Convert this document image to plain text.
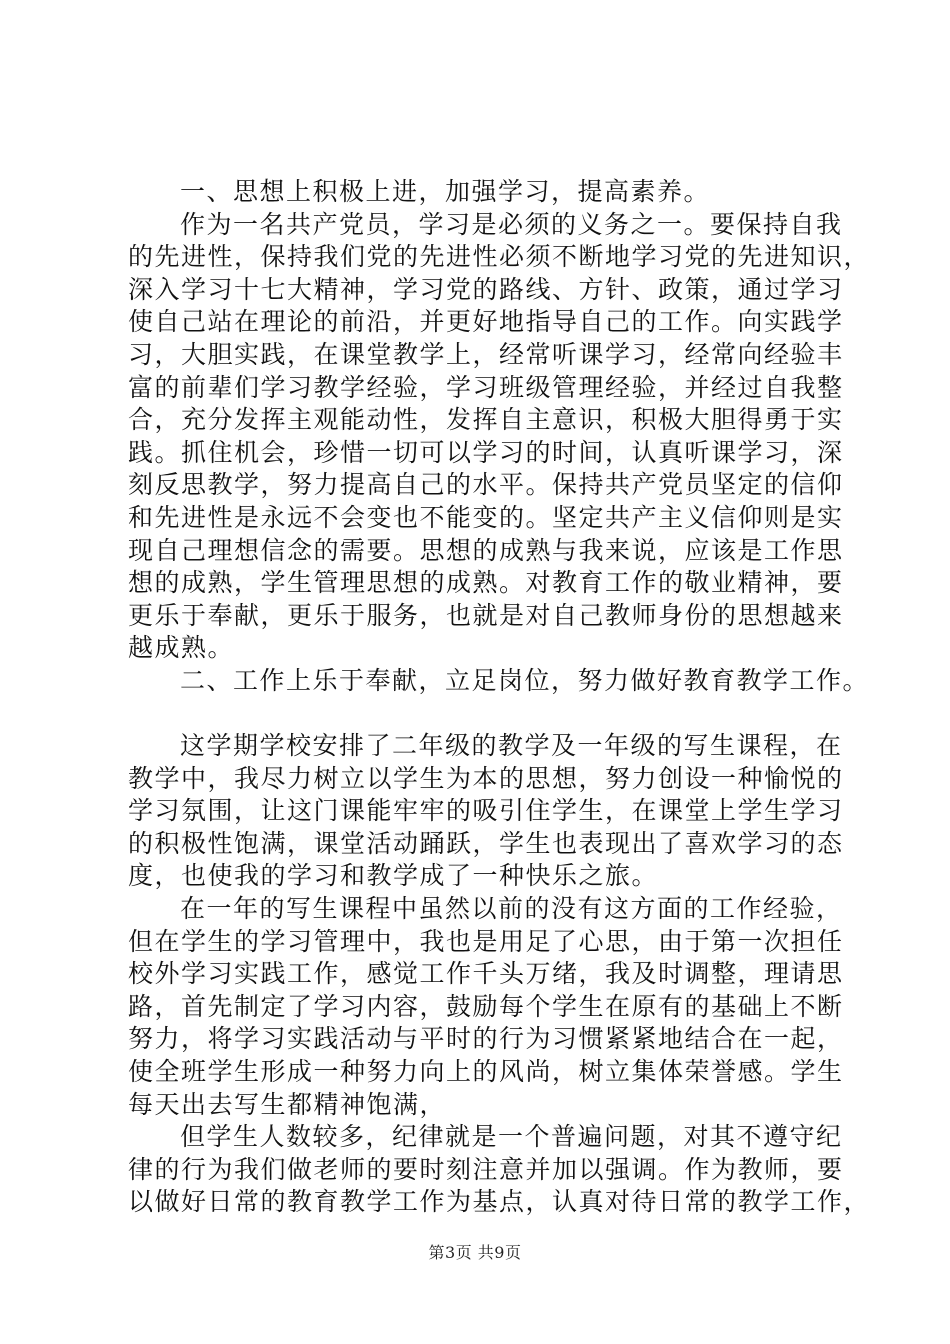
一、思想上积极上进，加强学习，提高素养。
作为一名共产党员，学习是必须的义务之一。要保持自我
的先进性，保持我们党的先进性必须不断地学习党的先进知识，
深入学习十七大精神，学习党的路线、方针、政策，通过学习
使自己站在理论的前沿，并更好地指导自己的工作。向实践学
习，大胆实践，在课堂教学上，经常听课学习，经常向经验丰
富的前辈们学习教学经验，学习班级管理经验，并经过自我整
合，充分发挥主观能动性，发挥自主意识，积极大胆得勇于实
践。抓住机会，珍惜一切可以学习的时间，认真听课学习，深
刻反思教学，努力提高自己的水平。保持共产党员坚定的信仰
和先进性是永远不会变也不能变的。坚定共产主义信仰则是实
现自己理想信念的需要。思想的成熟与我来说，应该是工作思
想的成熟，学生管理思想的成熟。对教育工作的敬业精神，要
更乐于奉献，更乐于服务，也就是对自己教师身份的思想越来
越成熟。
二、工作上乐于奉献，立足岗位，努力做好教育教学工作。
这学期学校安排了二年级的教学及一年级的写生课程，在
教学中，我尽力树立以学生为本的思想，努力创设一种愉悦的
学习氛围，让这门课能牢牢的吸引住学生，在课堂上学生学习
的积极性饱满，课堂活动踊跃，学生也表现出了喜欢学习的态
度，也使我的学习和教学成了一种快乐之旅。
在一年的写生课程中虽然以前的没有这方面的工作经验，
但在学生的学习管理中，我也是用足了心思，由于第一次担任
校外学习实践工作，感觉工作千头万绪，我及时调整，理请思
路，首先制定了学习内容，鼓励每个学生在原有的基础上不断
努力，将学习实践活动与平时的行为习惯紧紧地结合在一起，
使全班学生形成一种努力向上的风尚，树立集体荣誉感。学生
每天出去写生都精神饱满，
但学生人数较多，纪律就是一个普遍问题，对其不遵守纪
律的行为我们做老师的要时刻注意并加以强调。作为教师，要
以做好日常的教育教学工作为基点，认真对待日常的教学工作，
第3页 共9页
